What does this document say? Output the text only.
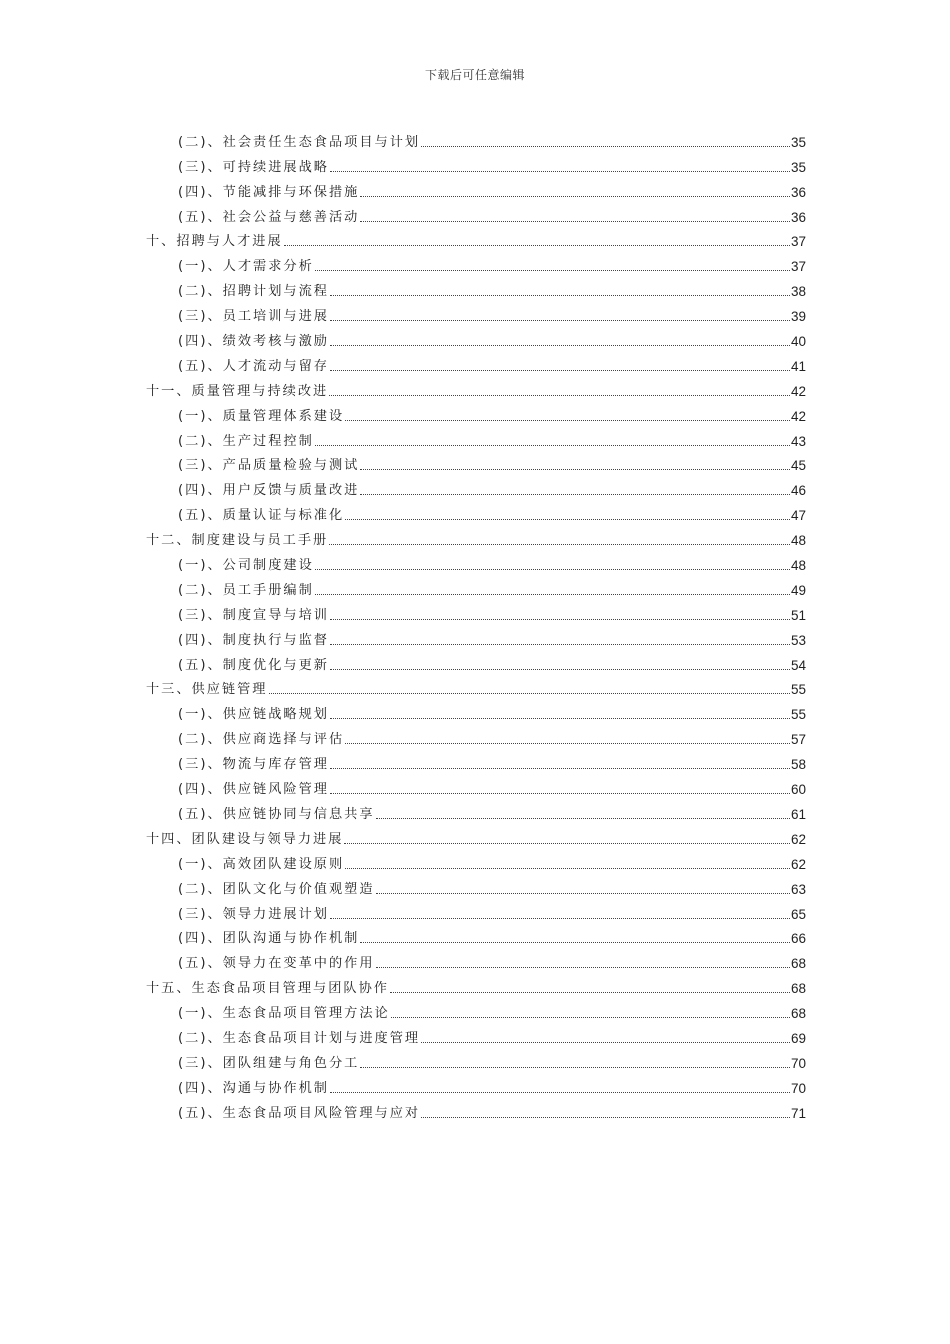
下载后可任意编辑
(二)、社会责任生态食品项目与计划	35
(三)、可持续进展战略	35
(四)、节能减排与环保措施	36
(五)、社会公益与慈善活动	36
十、招聘与人才进展	37
(一)、人才需求分析	37
(二)、招聘计划与流程	38
(三)、员工培训与进展	39
(四)、绩效考核与激励	40
(五)、人才流动与留存	41
十一、质量管理与持续改进	42
(一)、质量管理体系建设	42
(二)、生产过程控制	43
(三)、产品质量检验与测试	45
(四)、用户反馈与质量改进	46
(五)、质量认证与标准化	47
十二、制度建设与员工手册	48
(一)、公司制度建设	48
(二)、员工手册编制	49
(三)、制度宣导与培训	51
(四)、制度执行与监督	53
(五)、制度优化与更新	54
十三、供应链管理	55
(一)、供应链战略规划	55
(二)、供应商选择与评估	57
(三)、物流与库存管理	58
(四)、供应链风险管理	60
(五)、供应链协同与信息共享	61
十四、团队建设与领导力进展	62
(一)、高效团队建设原则	62
(二)、团队文化与价值观塑造	63
(三)、领导力进展计划	65
(四)、团队沟通与协作机制	66
(五)、领导力在变革中的作用	68
十五、生态食品项目管理与团队协作	68
(一)、生态食品项目管理方法论	68
(二)、生态食品项目计划与进度管理	69
(三)、团队组建与角色分工	70
(四)、沟通与协作机制	70
(五)、生态食品项目风险管理与应对	71
